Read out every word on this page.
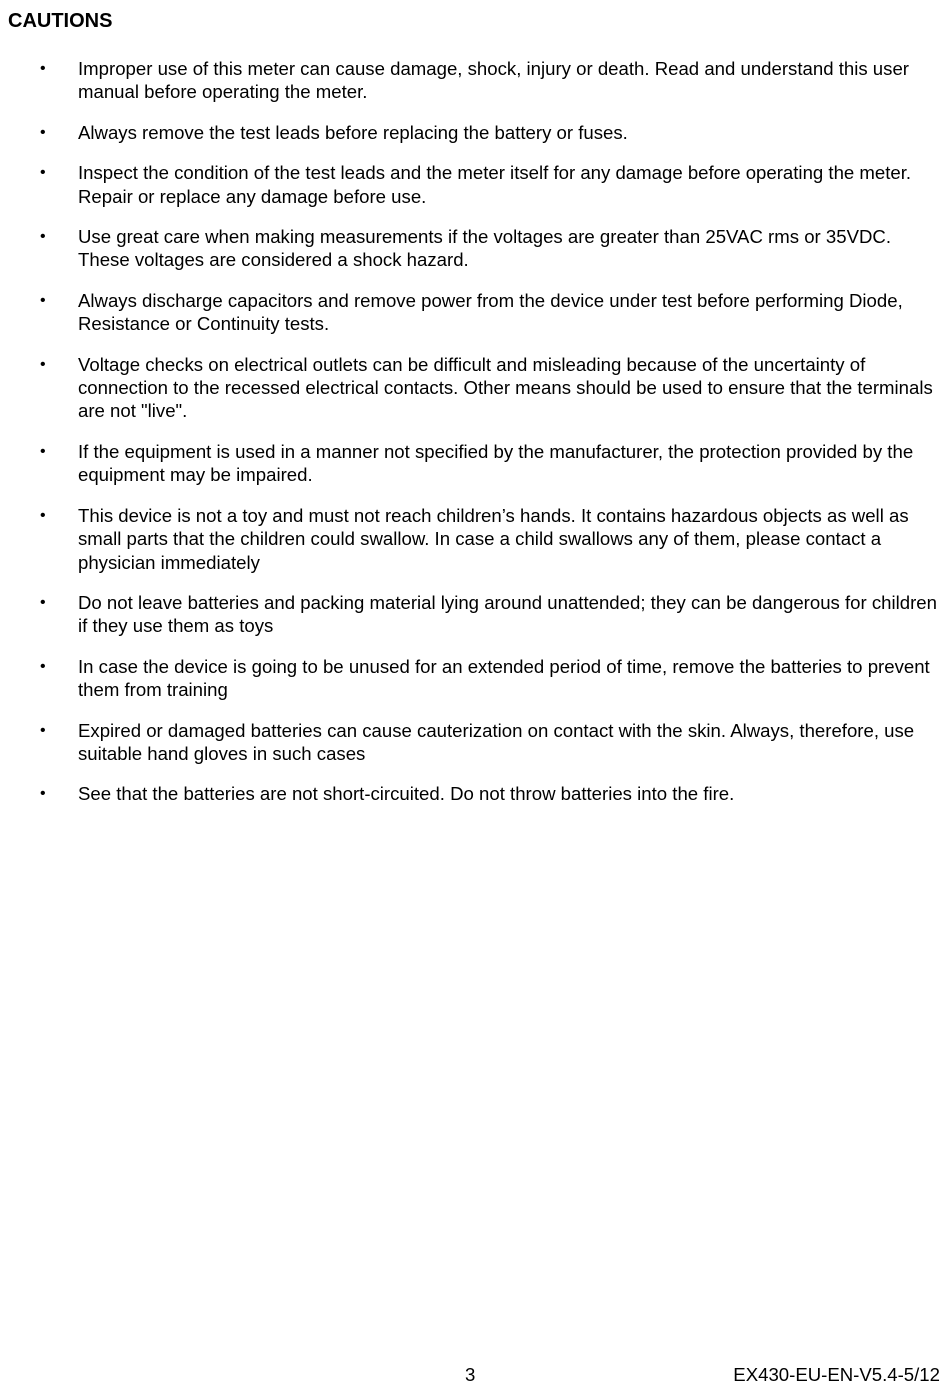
CAUTIONS
• Improper use of this meter can cause damage, shock, injury or death. Read and understand this user manual before operating the meter.
• Always remove the test leads before replacing the battery or fuses.
• Inspect the condition of the test leads and the meter itself for any damage before operating the meter. Repair or replace any damage before use.
• Use great care when making measurements if the voltages are greater than 25VAC rms or 35VDC. These voltages are considered a shock hazard.
• Always discharge capacitors and remove power from the device under test before performing Diode, Resistance or Continuity tests.
• Voltage checks on electrical outlets can be difficult and misleading because of the uncertainty of connection to the recessed electrical contacts. Other means should be used to ensure that the terminals are not "live".
• If the equipment is used in a manner not specified by the manufacturer, the protection provided by the equipment may be impaired.
• This device is not a toy and must not reach children’s hands. It contains hazardous objects as well as small parts that the children could swallow. In case a child swallows any of them, please contact a physician immediately
• Do not leave batteries and packing material lying around unattended; they can be dangerous for children if they use them as toys
• In case the device is going to be unused for an extended period of time, remove the batteries to prevent them from training
• Expired or damaged batteries can cause cauterization on contact with the skin. Always, therefore, use suitable hand gloves in such cases
• See that the batteries are not short-circuited. Do not throw batteries into the fire.
3	EX430-EU-EN-V5.4-5/12
